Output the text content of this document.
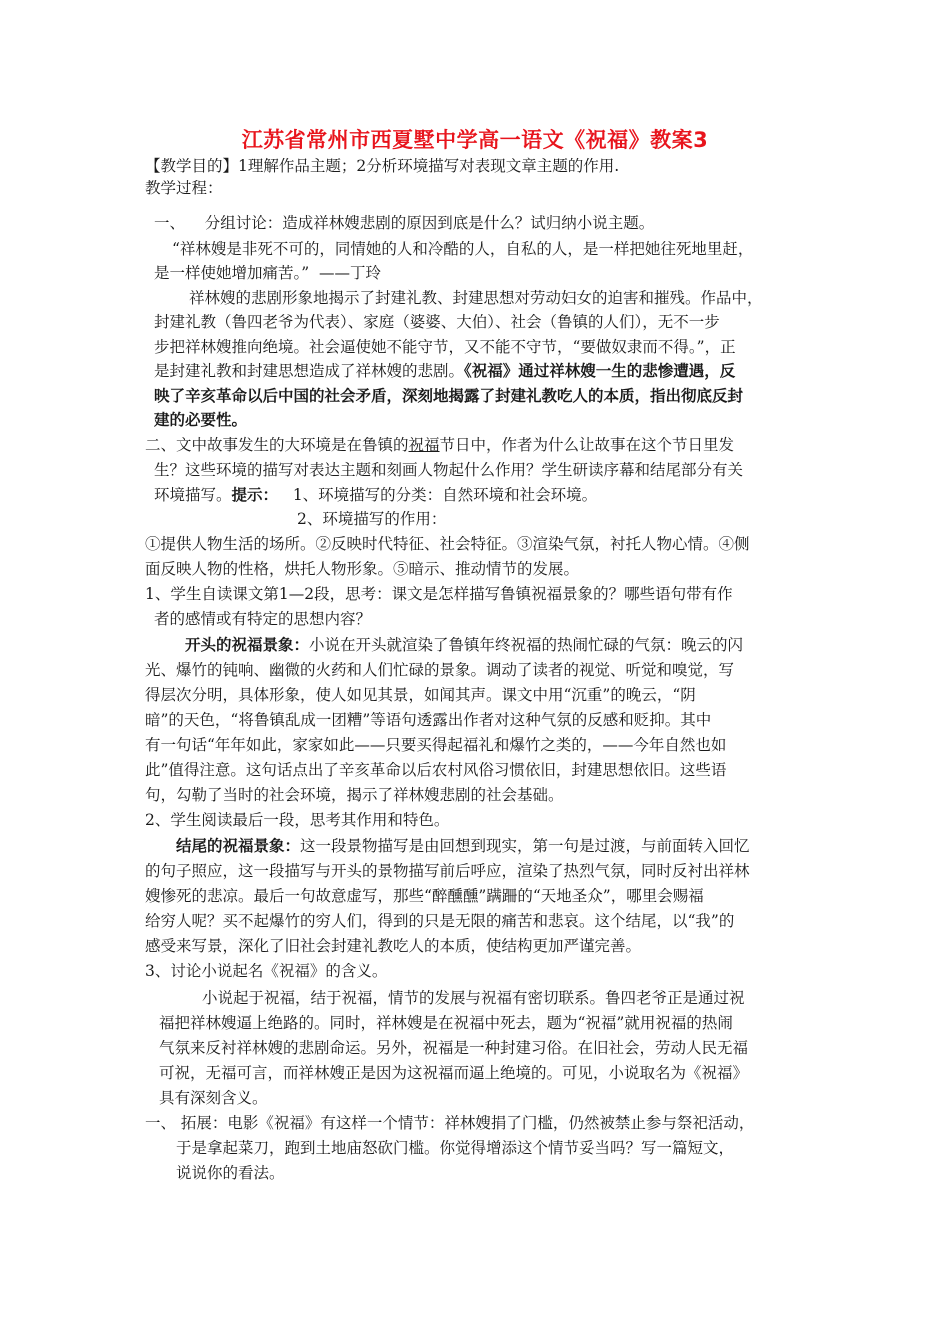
江苏省常州市西夏墅中学高一语文《祝福》教案3
【教学目的】1理解作品主题；2分析环境描写对表现文章主题的作用.
教学过程：
一、    分组讨论：造成祥林嫂悲剧的原因到底是什么？试归纳小说主题。
“祥林嫂是非死不可的，同情她的人和冷酷的人，自私的人，是一样把她往死地里赶，
是一样使她增加痛苦。”  ——丁玲
祥林嫂的悲剧形象地揭示了封建礼教、封建思想对劳动妇女的迫害和摧残。作品中，
封建礼教（鲁四老爷为代表）、家庭（婆婆、大伯）、社会（鲁镇的人们），无不一步
步把祥林嫂推向绝境。社会逼使她不能守节，又不能不守节，“要做奴隶而不得。”，正
是封建礼教和封建思想造成了祥林嫂的悲剧。《祝福》通过祥林嫂一生的悲惨遭遇，反
映了辛亥革命以后中国的社会矛盾，深刻地揭露了封建礼教吃人的本质，指出彻底反封
建的必要性。
二、文中故事发生的大环境是在鲁镇的祝福节日中，作者为什么让故事在这个节日里发
生？这些环境的描写对表达主题和刻画人物起什么作用？学生研读序幕和结尾部分有关
环境描写。提示： 1、环境描写的分类：自然环境和社会环境。
2、环境描写的作用：
①提供人物生活的场所。②反映时代特征、社会特征。③渲染气氛，衬托人物心情。④侧
面反映人物的性格，烘托人物形象。⑤暗示、推动情节的发展。
1、学生自读课文第1—2段，思考：课文是怎样描写鲁镇祝福景象的？哪些语句带有作
者的感情或有特定的思想内容？
开头的祝福景象：小说在开头就渲染了鲁镇年终祝福的热闹忙碌的气氛：晚云的闪
光、爆竹的钝响、幽微的火药和人们忙碌的景象。调动了读者的视觉、听觉和嗅觉，写
得层次分明，具体形象，使人如见其景，如闻其声。课文中用“沉重”的晚云，“阴
暗”的天色，“将鲁镇乱成一团糟”等语句透露出作者对这种气氛的反感和贬抑。其中
有一句话“年年如此，家家如此——只要买得起福礼和爆竹之类的，——今年自然也如
此”值得注意。这句话点出了辛亥革命以后农村风俗习惯依旧，封建思想依旧。这些语
句，勾勒了当时的社会环境，揭示了祥林嫂悲剧的社会基础。
2、学生阅读最后一段，思考其作用和特色。
结尾的祝福景象：这一段景物描写是由回想到现实，第一句是过渡，与前面转入回忆
的句子照应，这一段描写与开头的景物描写前后呼应，渲染了热烈气氛，同时反衬出祥林
嫂惨死的悲凉。最后一句故意虚写，那些“醉醺醺”蹒跚的“天地圣众”，哪里会赐福
给穷人呢？买不起爆竹的穷人们，得到的只是无限的痛苦和悲哀。这个结尾，以“我”的
感受来写景，深化了旧社会封建礼教吃人的本质，使结构更加严谨完善。
3、讨论小说起名《祝福》的含义。
小说起于祝福，结于祝福，情节的发展与祝福有密切联系。鲁四老爷正是通过祝
福把祥林嫂逼上绝路的。同时，祥林嫂是在祝福中死去，题为“祝福”就用祝福的热闹
气氛来反衬祥林嫂的悲剧命运。另外，祝福是一种封建习俗。在旧社会，劳动人民无福
可祝，无福可言，而祥林嫂正是因为这祝福而逼上绝境的。可见，小说取名为《祝福》
具有深刻含义。
一、 拓展：电影《祝福》有这样一个情节：祥林嫂捐了门槛，仍然被禁止参与祭祀活动，
于是拿起菜刀，跑到土地庙怒砍门槛。你觉得增添这个情节妥当吗？写一篇短文，
说说你的看法。
